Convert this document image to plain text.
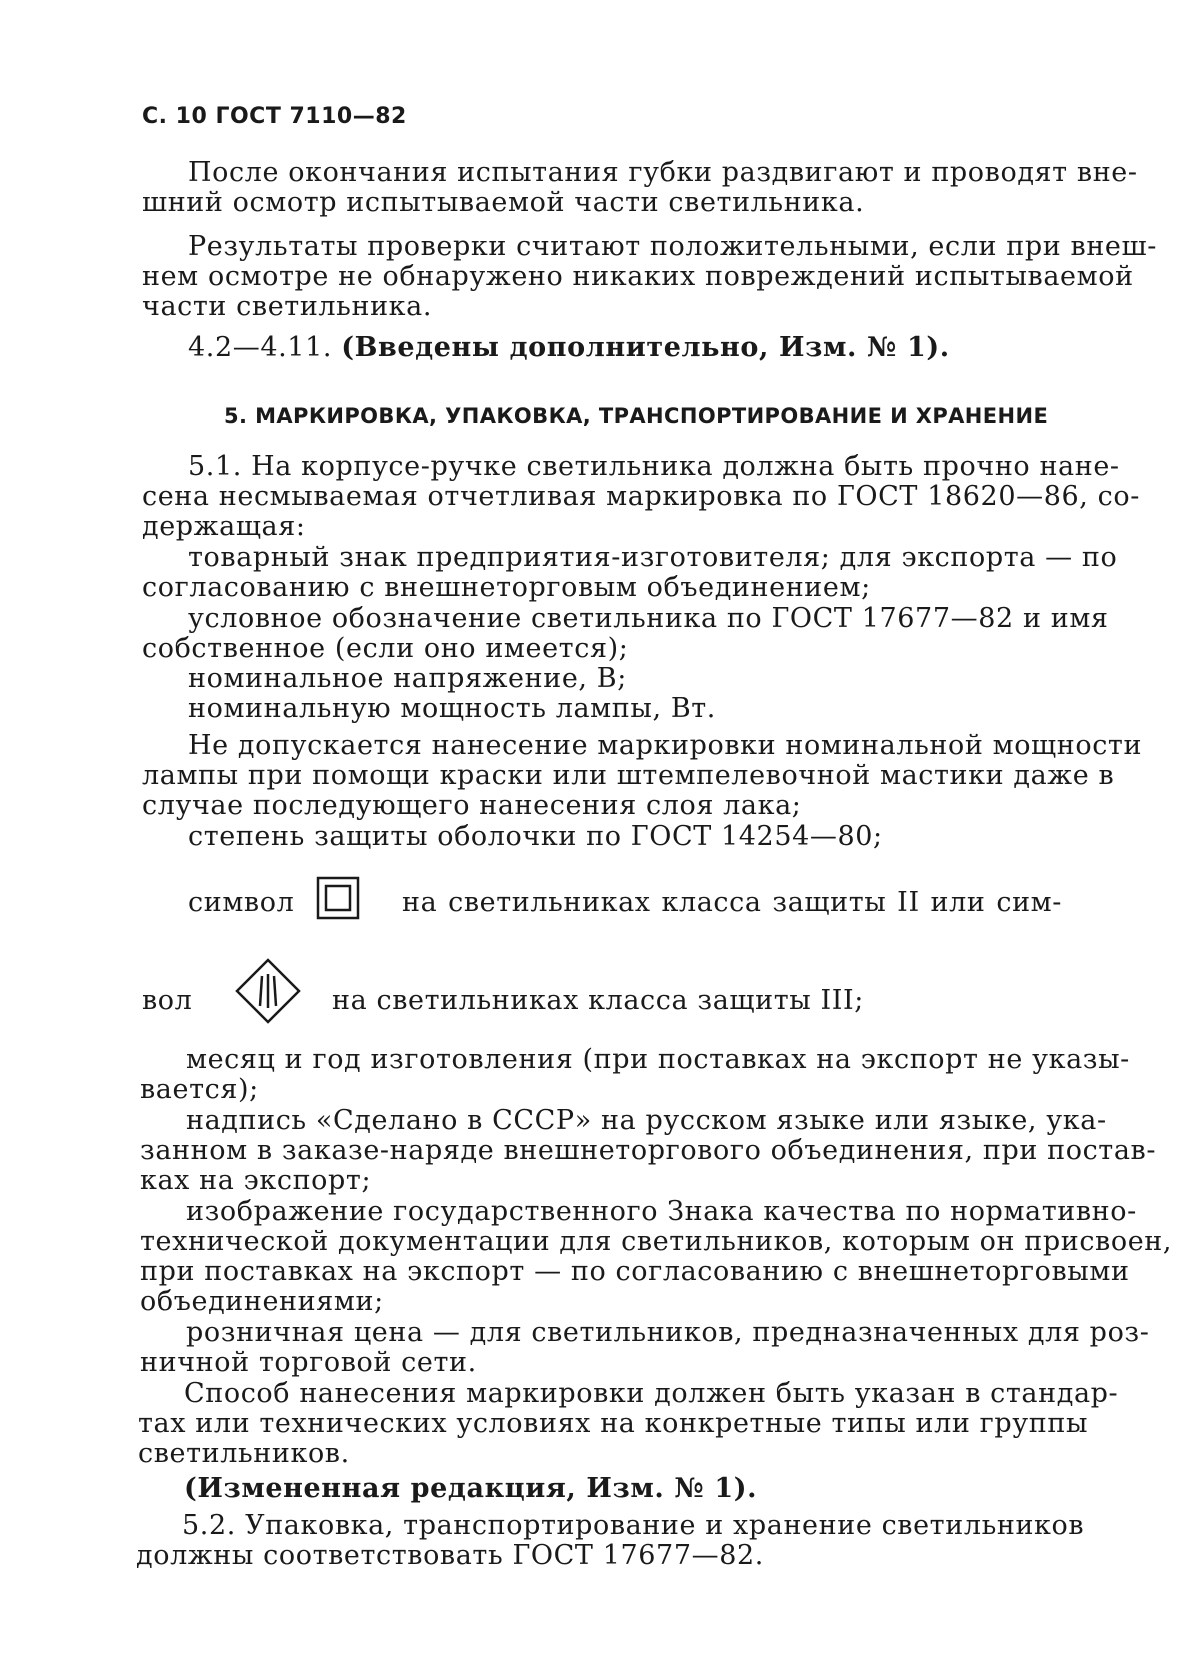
С. 10 ГОСТ 7110—82
После окончания испытания губки раздвигают и проводят вне-
шний осмотр испытываемой части светильника.
Результаты проверки считают положительными, если при внеш-
нем осмотре не обнаружено никаких повреждений испытываемой
части светильника.
4.2—4.11. (Введены дополнительно, Изм. № 1).
5. МАРКИРОВКА, УПАКОВКА, ТРАНСПОРТИРОВАНИЕ И ХРАНЕНИЕ
5.1. На корпусе-ручке светильника должна быть прочно нане-
сена несмываемая отчетливая маркировка по ГОСТ 18620—86, со-
держащая:
товарный знак предприятия-изготовителя; для экспорта — по
согласованию с внешнеторговым объединением;
условное обозначение светильника по ГОСТ 17677—82 и имя
собственное (если оно имеется);
номинальное напряжение, В;
номинальную мощность лампы, Вт.
Не допускается нанесение маркировки номинальной мощности
лампы при помощи краски или штемпелевочной мастики даже в
случае последующего нанесения слоя лака;
степень защиты оболочки по ГОСТ 14254—80;
символ	на светильниках класса защиты II или сим-
вол	на светильниках класса защиты III;
месяц и год изготовления (при поставках на экспорт не указы-
вается);
надпись «Сделано в СССР» на русском языке или языке, ука-
занном в заказе-наряде внешнеторгового объединения, при постав-
ках на экспорт;
изображение государственного Знака качества по нормативно-
технической документации для светильников, которым он присвоен,
при поставках на экспорт — по согласованию с внешнеторговыми
объединениями;
розничная цена — для светильников, предназначенных для роз-
ничной торговой сети.
Способ нанесения маркировки должен быть указан в стандар-
тах или технических условиях на конкретные типы или группы
светильников.
(Измененная редакция, Изм. № 1).
5.2. Упаковка, транспортирование и хранение светильников
должны соответствовать ГОСТ 17677—82.
